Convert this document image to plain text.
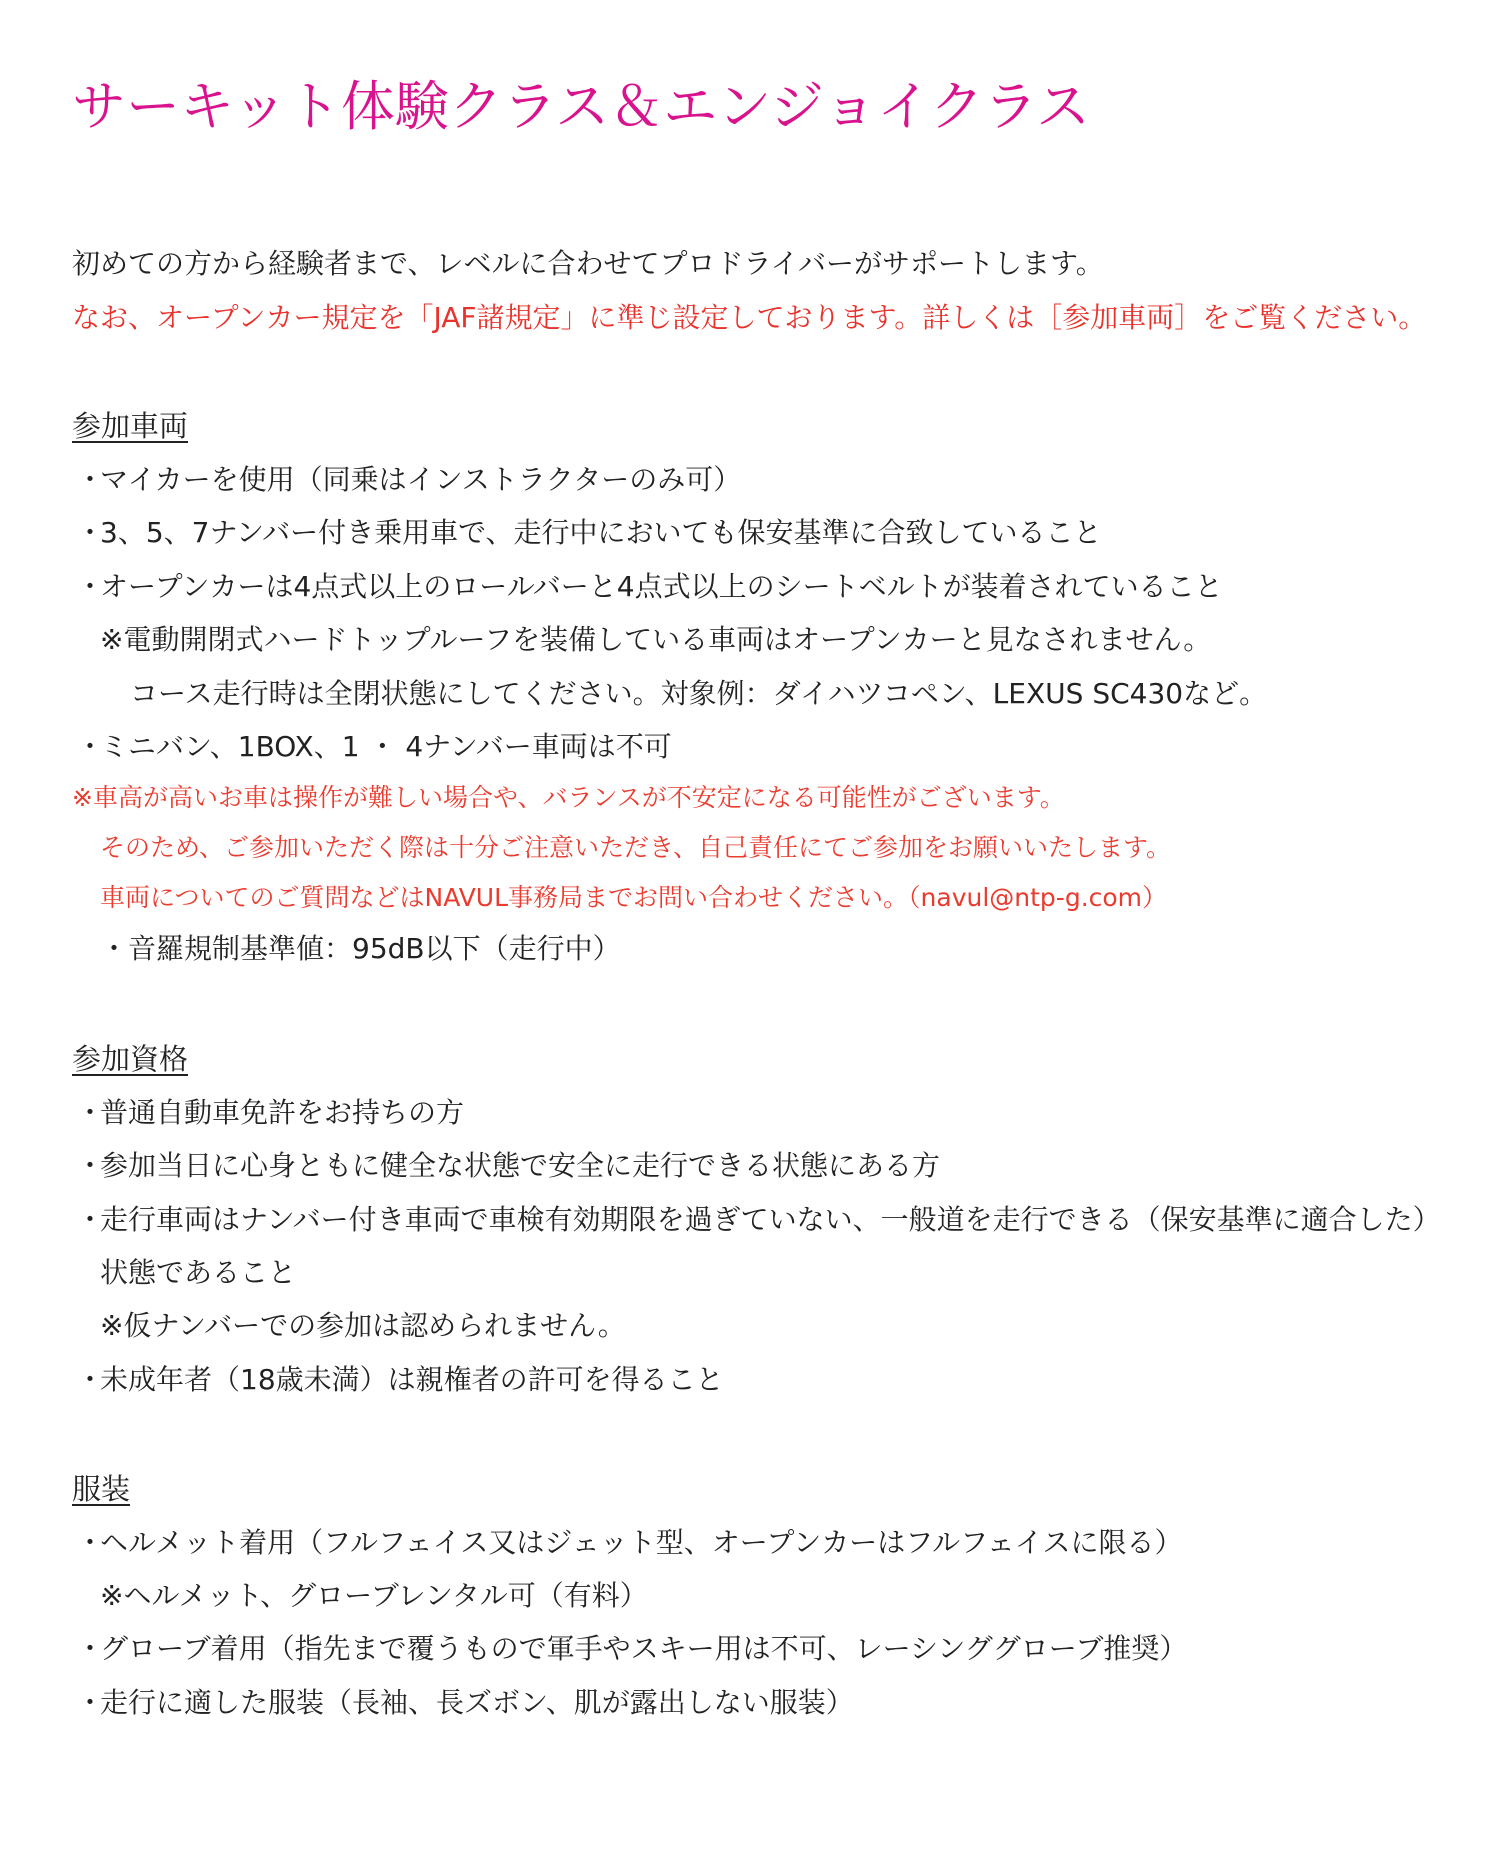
サーキット体験クラス＆エンジョイクラス
初めての方から経験者まで、レベルに合わせてプロドライバーがサポートします。
なお、オープンカー規定を「JAF諸規定」に準じ設定しております。詳しくは［参加車両］をご覧ください。
参加車両
・マイカーを使用（同乗はインストラクターのみ可）
・3、5、7ナンバー付き乗用車で、走行中においても保安基準に合致していること
・オープンカーは4点式以上のロールバーと4点式以上のシートベルトが装着されていること
※電動開閉式ハードトップルーフを装備している車両はオープンカーと見なされません。
コース走行時は全閉状態にしてください。対象例：ダイハツコペン、LEXUS SC430など。
・ミニバン、1BOX、1 ・ 4ナンバー車両は不可
※車高が高いお車は操作が難しい場合や、バランスが不安定になる可能性がございます。
そのため、ご参加いただく際は十分ご注意いただき、自己責任にてご参加をお願いいたします。
車両についてのご質問などはNAVUL事務局までお問い合わせください。（navul@ntp-g.com）
・音羅規制基準値：95dB以下（走行中）
参加資格
・普通自動車免許をお持ちの方
・参加当日に心身ともに健全な状態で安全に走行できる状態にある方
・走行車両はナンバー付き車両で車検有効期限を過ぎていない、一般道を走行できる（保安基準に適合した）
状態であること
※仮ナンバーでの参加は認められません。
・未成年者（18歳未満）は親権者の許可を得ること
服装
・ヘルメット着用（フルフェイス又はジェット型、オープンカーはフルフェイスに限る）
※ヘルメット、グローブレンタル可（有料）
・グローブ着用（指先まで覆うもので軍手やスキー用は不可、レーシンググローブ推奨）
・走行に適した服装（長袖、長ズボン、肌が露出しない服装）
